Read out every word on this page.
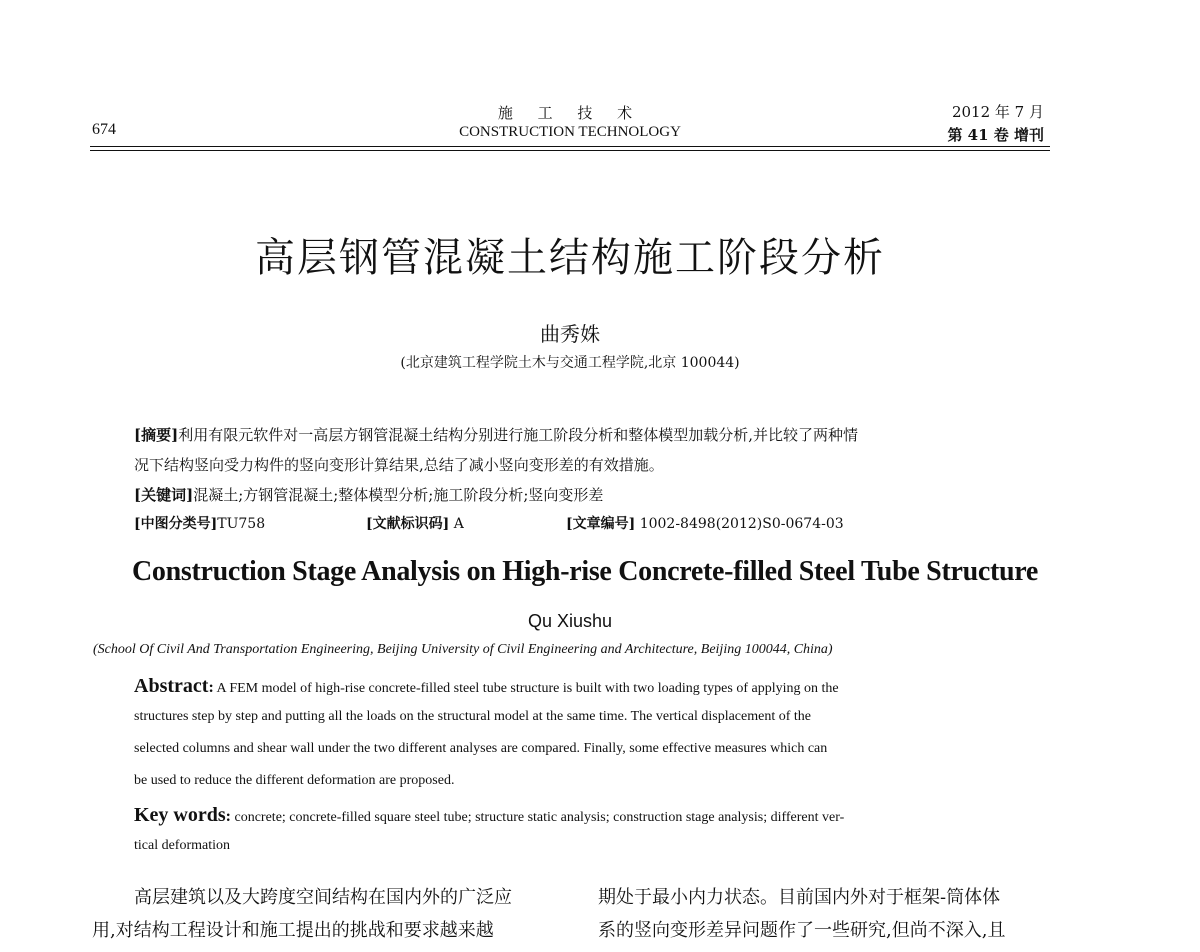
674
施 工 技 术
CONSTRUCTION TECHNOLOGY
2012 年 7 月
第 41 卷 增刊
高层钢管混凝土结构施工阶段分析
曲秀姝
(北京建筑工程学院土木与交通工程学院,北京 100044)
[摘要]利用有限元软件对一高层方钢管混凝土结构分别进行施工阶段分析和整体模型加载分析,并比较了两种情
况下结构竖向受力构件的竖向变形计算结果,总结了减小竖向变形差的有效措施。
[关键词]混凝土;方钢管混凝土;整体模型分析;施工阶段分析;竖向变形差
[中图分类号]TU758	[文献标识码] A	[文章编号] 1002-8498(2012)S0-0674-03
Construction Stage Analysis on High-rise Concrete-filled Steel Tube Structure
Qu Xiushu
(School Of Civil And Transportation Engineering, Beijing University of Civil Engineering and Architecture, Beijing 100044, China)
Abstract: A FEM model of high-rise concrete-filled steel tube structure is built with two loading types of applying on the
structures step by step and putting all the loads on the structural model at the same time. The vertical displacement of the
selected columns and shear wall under the two different analyses are compared. Finally, some effective measures which can
be used to reduce the different deformation are proposed.
Key words: concrete; concrete-filled square steel tube; structure static analysis; construction stage analysis; different ver-
tical deformation
高层建筑以及大跨度空间结构在国内外的广泛应
用,对结构工程设计和施工提出的挑战和要求越来越
期处于最小内力状态。目前国内外对于框架-筒体体
系的竖向变形差异问题作了一些研究,但尚不深入,且
